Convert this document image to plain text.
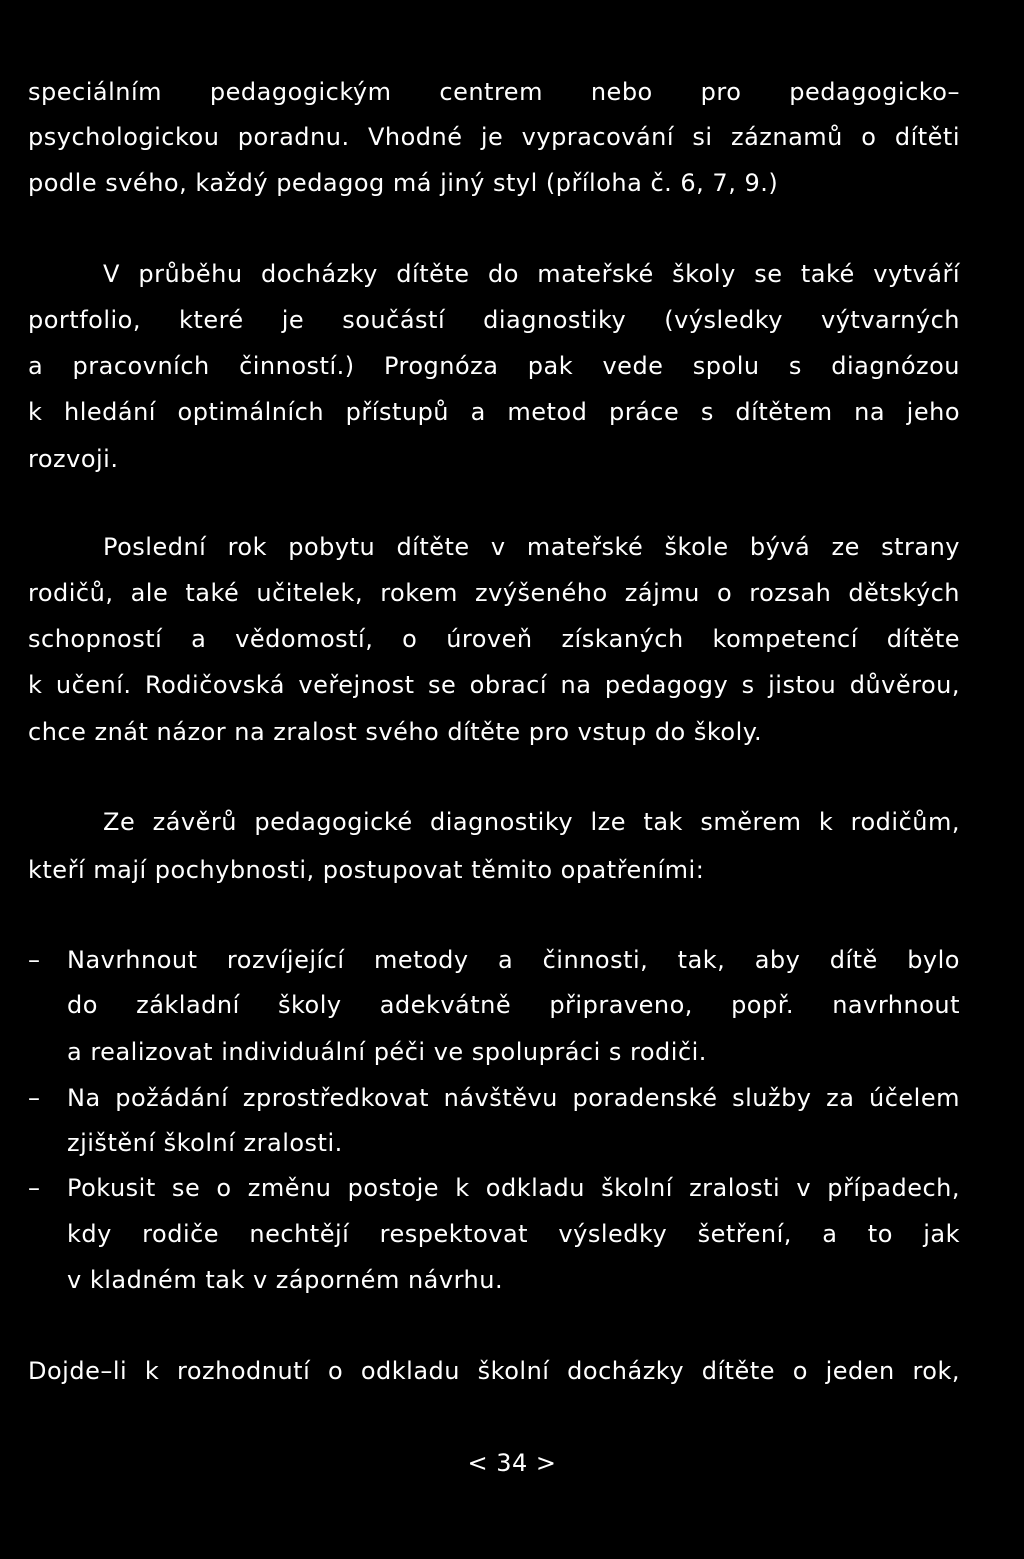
speciálním pedagogickým centrem nebo pro pedagogicko–
psychologickou poradnu. Vhodné je vypracování si záznamů o dítěti
podle svého, každý pedagog má jiný styl (příloha č. 6, 7, 9.)
V průběhu docházky dítěte do mateřské školy se také vytváří
portfolio, které je součástí diagnostiky (výsledky výtvarných
a pracovních činností.) Prognóza pak vede spolu s diagnózou
k hledání optimálních přístupů a metod práce s dítětem na jeho
rozvoji.
Poslední rok pobytu dítěte v mateřské škole bývá ze strany
rodičů, ale také učitelek, rokem zvýšeného zájmu o rozsah dětských
schopností a vědomostí, o úroveň získaných kompetencí dítěte
k učení. Rodičovská veřejnost se obrací na pedagogy s jistou důvěrou,
chce znát názor na zralost svého dítěte pro vstup do školy.
Ze závěrů pedagogické diagnostiky lze tak směrem k rodičům,
kteří mají pochybnosti, postupovat těmito opatřeními:
– Navrhnout rozvíjející metody a činnosti, tak, aby dítě bylo
do základní školy adekvátně připraveno, popř. navrhnout
a realizovat individuální péči ve spolupráci s rodiči.
– Na požádání zprostředkovat návštěvu poradenské služby za účelem
zjištění školní zralosti.
– Pokusit se o změnu postoje k odkladu školní zralosti v případech,
kdy rodiče nechtějí respektovat výsledky šetření, a to jak
v kladném tak v záporném návrhu.
Dojde–li k rozhodnutí o odkladu školní docházky dítěte o jeden rok,
< 34 >
